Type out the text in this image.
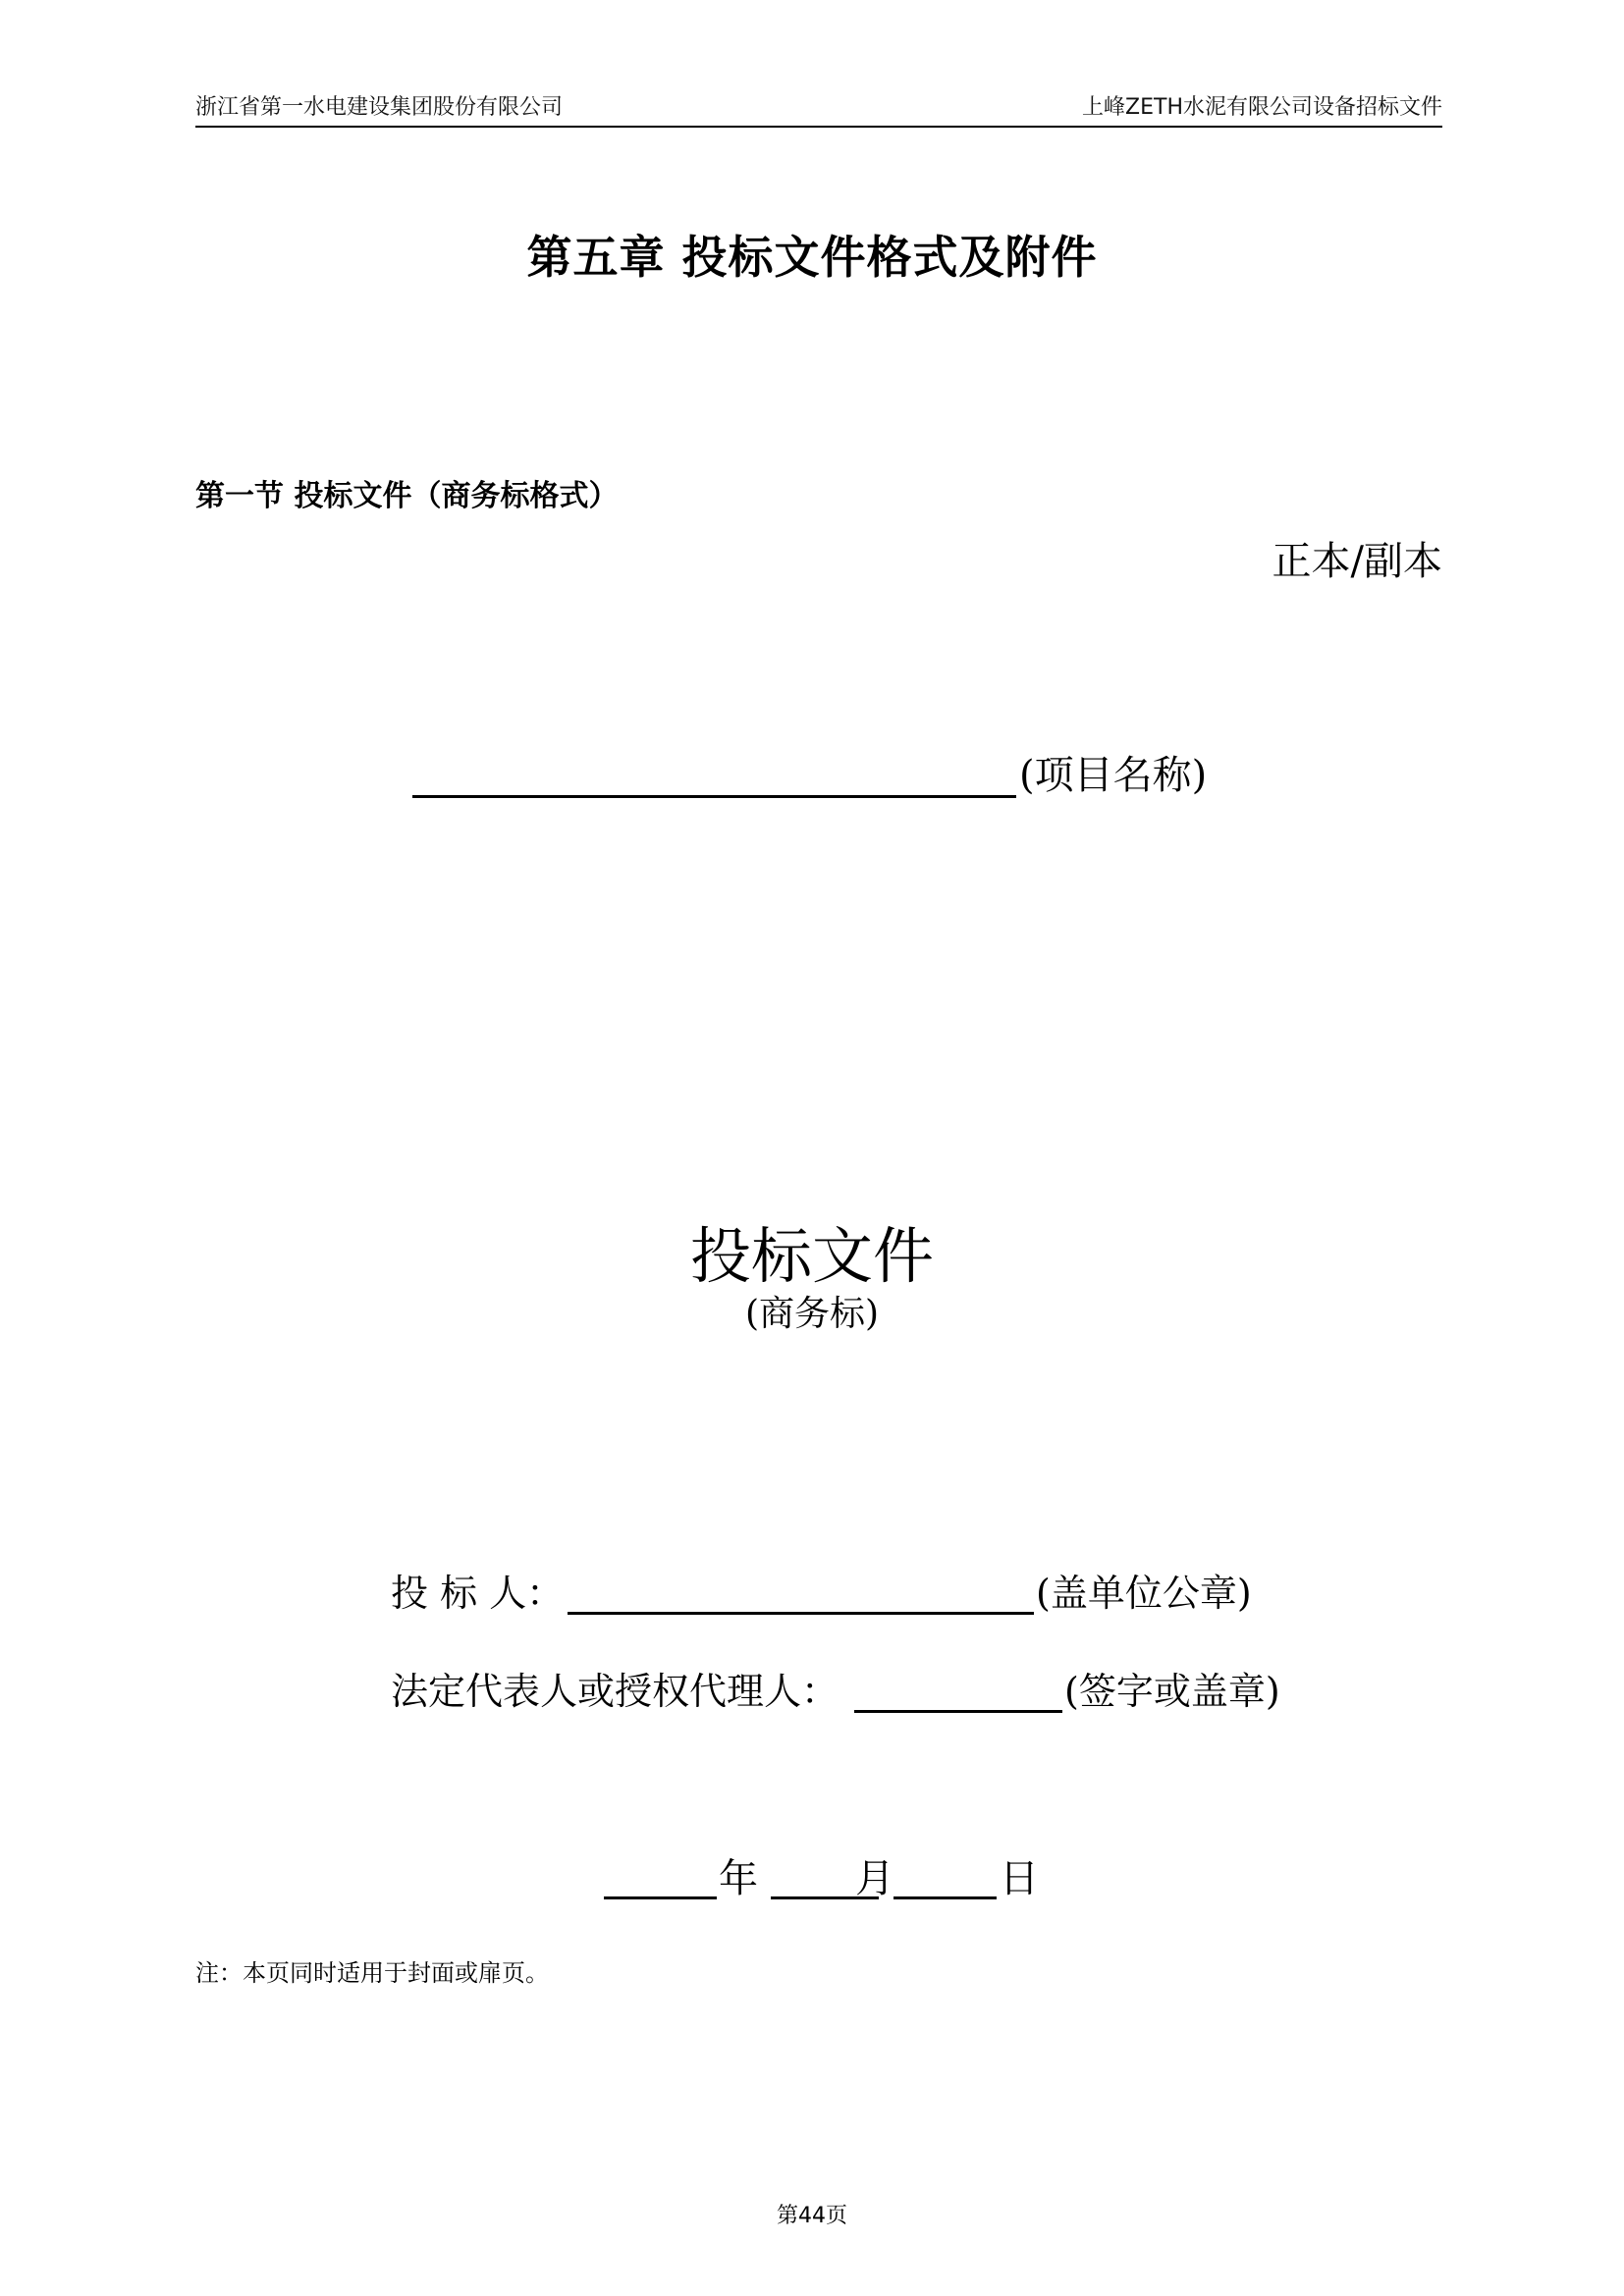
浙江省第一水电建设集团股份有限公司	上峰ZETH水泥有限公司设备招标文件
第五章 投标文件格式及附件
第一节 投标文件（商务标格式）
正本/副本
(项目名称)
投标文件
(商务标)
投 标 人：	(盖单位公章)
法定代表人或授权代理人：	(签字或盖章)
年 月	日
注：本页同时适用于封面或扉页。
第44页
